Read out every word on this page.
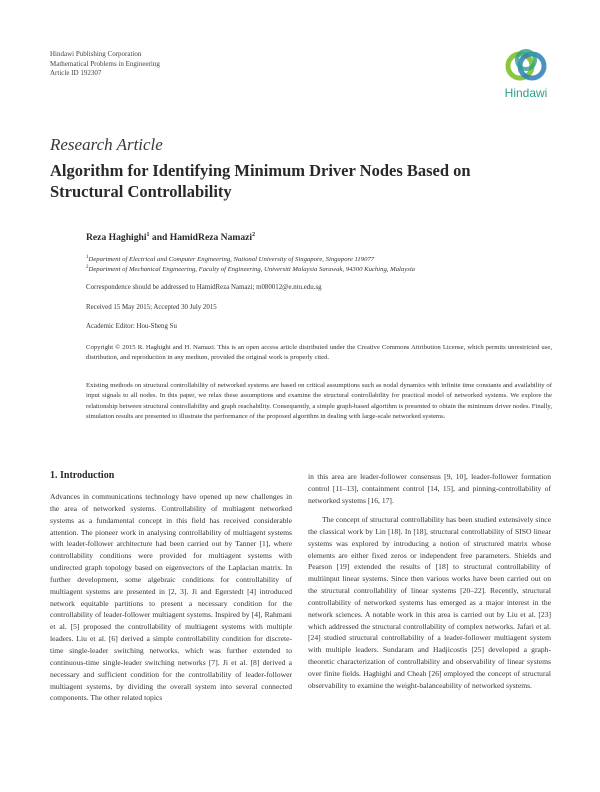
Hindawi Publishing Corporation
Mathematical Problems in Engineering
Article ID 192307
Hindawi
Research Article
Algorithm for Identifying Minimum Driver Nodes Based on Structural Controllability
Reza Haghighi$^1$ and HamidReza Namazi$^2$
$^1$Department of Electrical and Computer Engineering, National University of Singapore, Singapore 119077
$^2$Department of Mechanical Engineering, Faculty of Engineering, Universiti Malaysia Sarawak, 94300 Kuching, Malaysia
Correspondence should be addressed to HamidReza Namazi; m080012@e.ntu.edu.sg
Received 15 May 2015; Accepted 30 July 2015
Academic Editor: Hou-Sheng Su

Copyright © 2015 R. Haghighi and H. Namazi. This is an open access article distributed under the Creative Commons Attribution License, which permits unrestricted use, distribution, and reproduction in any medium, provided the original work is properly cited.

Existing methods on structural controllability of networked systems are based on critical assumptions such as nodal dynamics with infinite time constants and availability of input signals to all nodes. In this paper, we relax these assumptions and examine the structural controllability for practical model of networked systems. We explore the relationship between structural controllability and graph reachability. Consequently, a simple graph-based algorithm is presented to obtain the minimum driver nodes. Finally, simulation results are presented to illustrate the performance of the proposed algorithm in dealing with large-scale networked systems.

1. Introduction

Advances in communications technology have opened up new challenges in the area of networked systems. Controllability of multiagent networked systems as a fundamental concept in this field has received considerable attention. The pioneer work in analysing controllability of multiagent systems with leader-follower architecture had been carried out by Tanner [1], where controllability conditions were provided for multiagent systems with undirected graph topology based on eigenvectors of the Laplacian matrix. In further development, some algebraic conditions for controllability of multiagent systems are presented in [2, 3]. Ji and Egerstedt [4] introduced network equitable partitions to present a necessary condition for the controllability of leader-follower multiagent systems. Inspired by [4], Rahmani et al. [5] proposed the controllability of multiagent systems with multiple leaders. Liu et al. [6] derived a simple controllability condition for discrete-time single-leader switching networks, which was further extended to continuous-time single-leader switching networks [7]. Ji et al. [8] derived a necessary and sufficient condition for the controllability of leader-follower multiagent systems, by dividing the overall system into several connected components. The other related topics

in this area are leader-follower consensus [9, 10], leader-follower formation control [11–13], containment control [14, 15], and pinning-controllability of networked systems [16, 17].

The concept of structural controllability has been studied extensively since the classical work by Lin [18]. In [18], structural controllability of SISO linear systems was explored by introducing a notion of structured matrix whose elements are either fixed zeros or independent free parameters. Shields and Pearson [19] extended the results of [18] to structural controllability of multiinput linear systems. Since then various works have been carried out on the structural controllability of linear systems [20–22]. Recently, structural controllability of networked systems has emerged as a major interest in the network sciences. A notable work in this area is carried out by Liu et al. [23] which addressed the structural controllability of complex networks. Jafari et al. [24] studied structural controllability of a leader-follower multiagent system with multiple leaders. Sundaram and Hadjicostis [25] developed a graph-theoretic characterization of controllability and observability of linear systems over finite fields. Haghighi and Cheah [26] employed the concept of structural observability to examine the weight-balanceability of networked systems.
